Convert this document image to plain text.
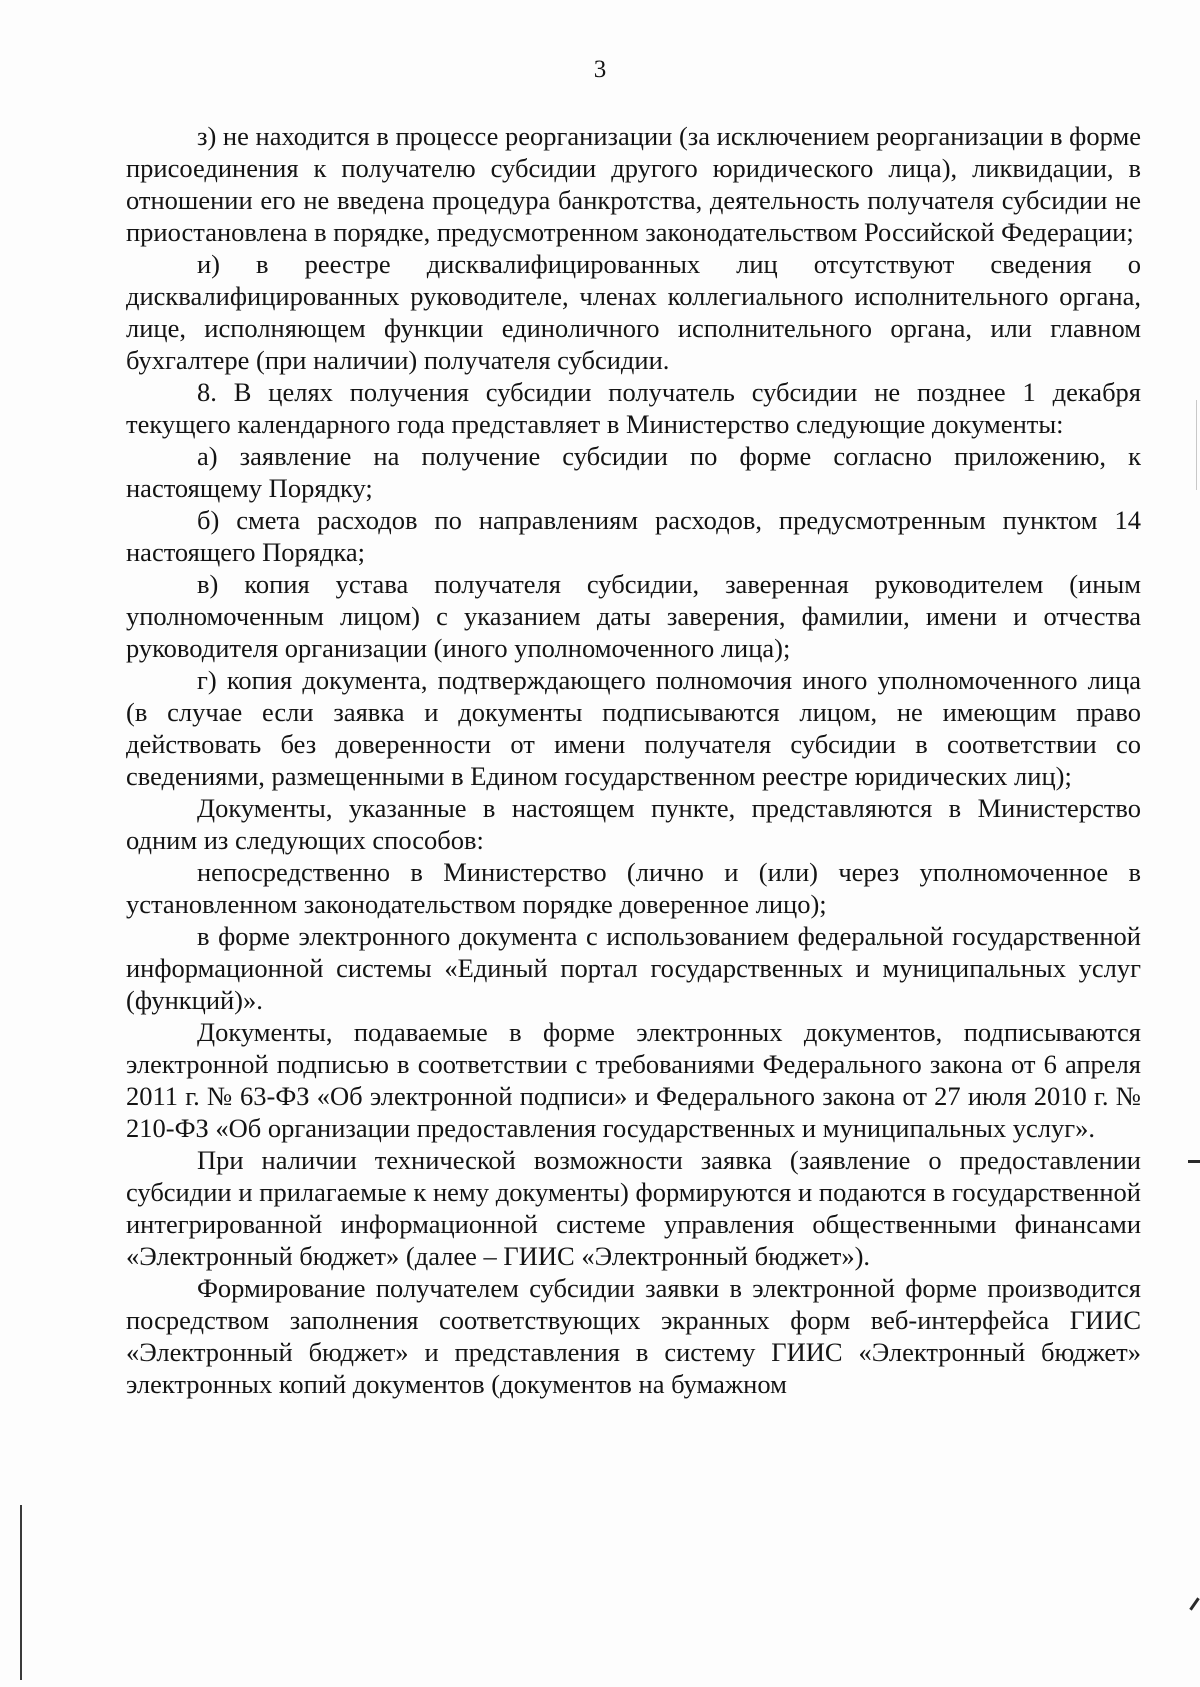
3

з) не находится в процессе реорганизации (за исключением реорганизации в форме присоединения к получателю субсидии другого юридического лица), ликвидации, в отношении его не введена процедура банкротства, деятельность получателя субсидии не приостановлена в порядке, предусмотренном законодательством Российской Федерации;

и) в реестре дисквалифицированных лиц отсутствуют сведения о дисквалифицированных руководителе, членах коллегиального исполнительного органа, лице, исполняющем функции единоличного исполнительного органа, или главном бухгалтере (при наличии) получателя субсидии.

8. В целях получения субсидии получатель субсидии не позднее 1 декабря текущего календарного года представляет в Министерство следующие документы:

а) заявление на получение субсидии по форме согласно приложению, к настоящему Порядку;

б) смета расходов по направлениям расходов, предусмотренным пунктом 14 настоящего Порядка;

в) копия устава получателя субсидии, заверенная руководителем (иным уполномоченным лицом) с указанием даты заверения, фамилии, имени и отчества руководителя организации (иного уполномоченного лица);

г) копия документа, подтверждающего полномочия иного уполномоченного лица (в случае если заявка и документы подписываются лицом, не имеющим право действовать без доверенности от имени получателя субсидии в соответствии со сведениями, размещенными в Едином государственном реестре юридических лиц);

Документы, указанные в настоящем пункте, представляются в Министерство одним из следующих способов:

непосредственно в Министерство (лично и (или) через уполномоченное в установленном законодательством порядке доверенное лицо);

в форме электронного документа с использованием федеральной государственной информационной системы «Единый портал государственных и муниципальных услуг (функций)».

Документы, подаваемые в форме электронных документов, подписываются электронной подписью в соответствии с требованиями Федерального закона от 6 апреля 2011 г. № 63-ФЗ «Об электронной подписи» и Федерального закона от 27 июля 2010 г. № 210-ФЗ «Об организации предоставления государственных и муниципальных услуг».

При наличии технической возможности заявка (заявление о предоставлении субсидии и прилагаемые к нему документы) формируются и подаются в государственной интегрированной информационной системе управления общественными финансами «Электронный бюджет» (далее – ГИИС «Электронный бюджет»).

Формирование получателем субсидии заявки в электронной форме производится посредством заполнения соответствующих экранных форм веб-интерфейса ГИИС «Электронный бюджет» и представления в систему ГИИС «Электронный бюджет» электронных копий документов (документов на бумажном
